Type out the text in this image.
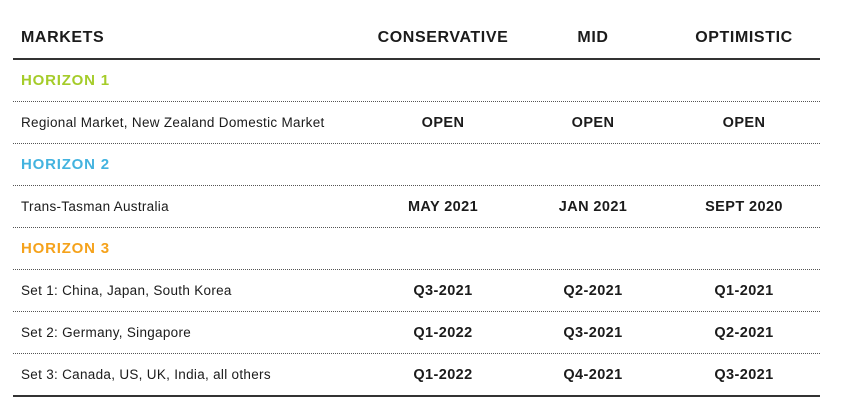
MARKETS	CONSERVATIVE	MID	OPTIMISTIC
HORIZON 1
Regional Market, New Zealand Domestic Market	OPEN	OPEN	OPEN
HORIZON 2
Trans-Tasman Australia	MAY 2021	JAN 2021	SEPT 2020
HORIZON 3
Set 1: China, Japan, South Korea	Q3-2021	Q2-2021	Q1-2021
Set 2: Germany, Singapore	Q1-2022	Q3-2021	Q2-2021
Set 3: Canada, US, UK, India, all others	Q1-2022	Q4-2021	Q3-2021
